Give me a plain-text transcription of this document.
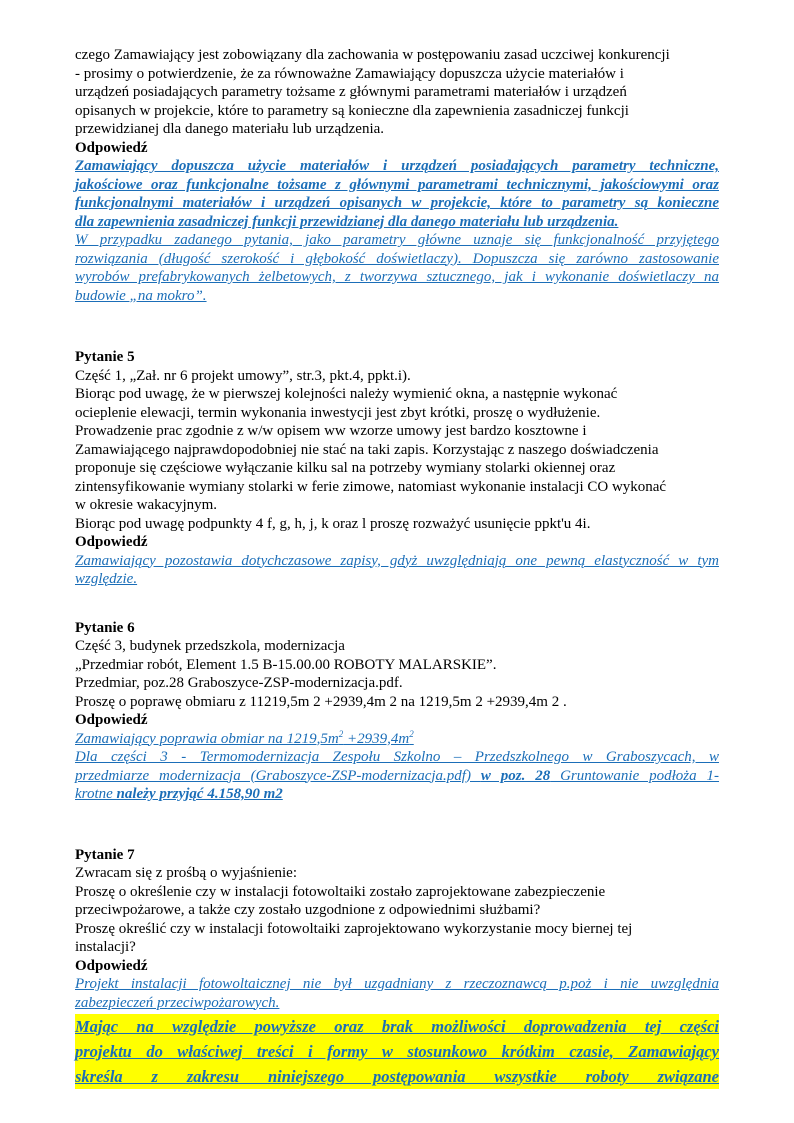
czego Zamawiający jest zobowiązany dla zachowania w postępowaniu zasad uczciwej konkurencji
- prosimy o potwierdzenie, że za równoważne Zamawiający dopuszcza użycie materiałów i
urządzeń posiadających parametry tożsame z głównymi parametrami materiałów i urządzeń
opisanych w projekcie, które to parametry są konieczne dla zapewnienia zasadniczej funkcji
przewidzianej dla danego materiału lub urządzenia.
Odpowiedź
Zamawiający dopuszcza użycie materiałów i urządzeń posiadających parametry techniczne,
jakościowe oraz funkcjonalne tożsame z głównymi parametrami technicznymi, jakościowymi oraz
funkcjonalnymi materiałów i urządzeń opisanych w projekcie, które to parametry są konieczne
dla zapewnienia zasadniczej funkcji przewidzianej dla danego materiału lub urządzenia.
W przypadku zadanego pytania, jako parametry główne uznaje się funkcjonalność przyjętego
rozwiązania (długość szerokość i głębokość doświetlaczy). Dopuszcza się zarówno zastosowanie
wyrobów prefabrykowanych żelbetowych, z tworzywa sztucznego, jak i wykonanie doświetlaczy na
budowie „na mokro”.
Pytanie 5
Część 1, „Zał. nr 6 projekt umowy”, str.3, pkt.4, ppkt.i).
Biorąc pod uwagę, że w pierwszej kolejności należy wymienić okna, a następnie wykonać
ocieplenie elewacji, termin wykonania inwestycji jest zbyt krótki, proszę o wydłużenie.
Prowadzenie prac zgodnie z w/w opisem ww wzorze umowy jest bardzo kosztowne i
Zamawiającego najprawdopodobniej nie stać na taki zapis. Korzystając z naszego doświadczenia
proponuje się częściowe wyłączanie kilku sal na potrzeby wymiany stolarki okiennej oraz
zintensyfikowanie wymiany stolarki w ferie zimowe, natomiast wykonanie instalacji CO wykonać
w okresie wakacyjnym.
Biorąc pod uwagę podpunkty 4 f, g, h, j, k oraz l proszę rozważyć usunięcie ppkt'u 4i.
Odpowiedź
Zamawiający pozostawia dotychczasowe zapisy, gdyż uwzględniają one pewną elastyczność w tym
względzie.
Pytanie 6
Część 3, budynek przedszkola, modernizacja
„Przedmiar robót, Element 1.5 B-15.00.00 ROBOTY MALARSKIE”.
Przedmiar, poz.28 Graboszyce-ZSP-modernizacja.pdf.
Proszę o poprawę obmiaru z 11219,5m 2 +2939,4m 2 na 1219,5m 2 +2939,4m 2 .
Odpowiedź
Zamawiający poprawia obmiar na $1219,5m^2 +2939,4m^2$
Dla części 3 - Termomodernizacja Zespołu Szkolno – Przedszkolnego w Graboszycach, w
przedmiarze modernizacja (Graboszyce-ZSP-modernizacja.pdf) w poz. 28 Gruntowanie podłoża 1-
krotne należy przyjąć 4.158,90 m2
Pytanie 7
Zwracam się z prośbą o wyjaśnienie:
Proszę o określenie czy w instalacji fotowoltaiki zostało zaprojektowane zabezpieczenie
przeciwpożarowe, a także czy zostało uzgodnione z odpowiednimi służbami?
Proszę określić czy w instalacji fotowoltaiki zaprojektowano wykorzystanie mocy biernej tej
instalacji?
Odpowiedź
Projekt instalacji fotowoltaicznej nie był uzgadniany z rzeczoznawcą p.poż i nie uwzględnia
zabezpieczeń przeciwpożarowych.
Mając na względzie powyższe oraz brak możliwości doprowadzenia tej części
projektu do właściwej treści i formy w stosunkowo krótkim czasie, Zamawiający
skreśla z zakresu niniejszego postępowania wszystkie roboty związane
